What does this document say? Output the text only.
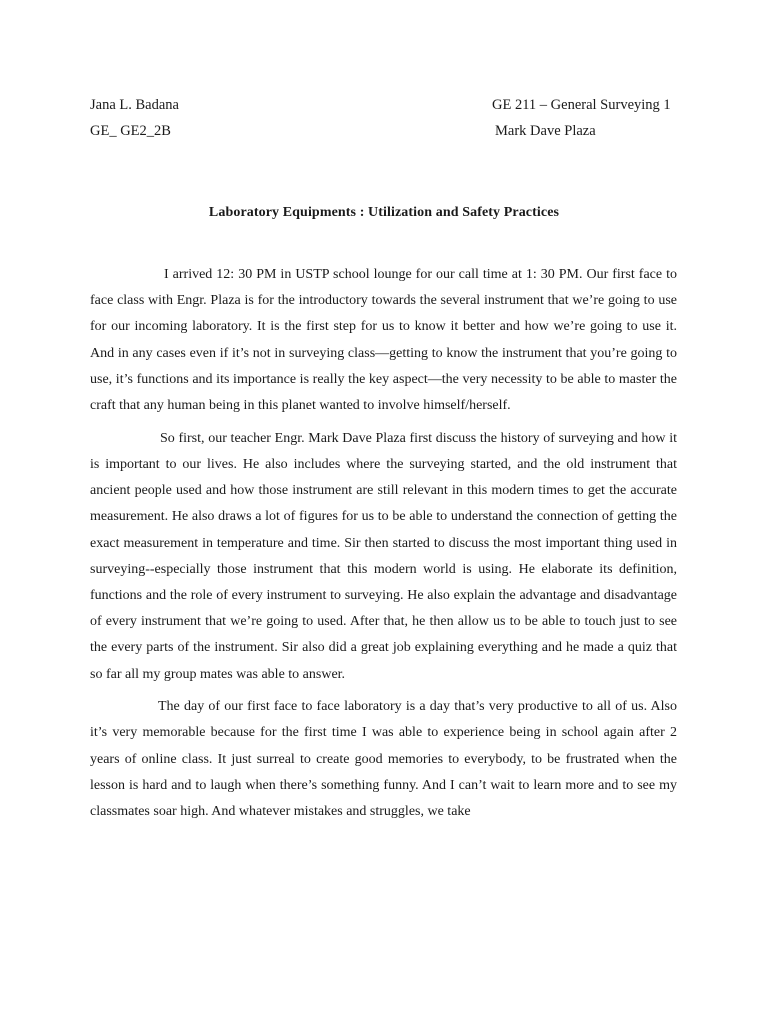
Jana L. Badana
GE_ GE2_2B
GE 211 – General Surveying 1
Mark Dave Plaza
Laboratory Equipments : Utilization and Safety Practices

I arrived 12: 30 PM in USTP school lounge for our call time at 1: 30 PM. Our first face to face class with Engr. Plaza is for the introductory towards the several instrument that we’re going to use for our incoming laboratory. It is the first step for us to know it better and how we’re going to use it. And in any cases even if it’s not in surveying class—getting to know the instrument that you’re going to use, it’s functions and its importance is really the key aspect—the very necessity to be able to master the craft that any human being in this planet wanted to involve himself/herself.

So first, our teacher Engr. Mark Dave Plaza first discuss the history of surveying and how it is important to our lives. He also includes where the surveying started, and the old instrument that ancient people used and how those instrument are still relevant in this modern times to get the accurate measurement. He also draws a lot of figures for us to be able to understand the connection of getting the exact measurement in temperature and time. Sir then started to discuss the most important thing used in surveying--especially those instrument that this modern world is using. He elaborate its definition, functions and the role of every instrument to surveying. He also explain the advantage and disadvantage of every instrument that we’re going to used. After that, he then allow us to be able to touch just to see the every parts of the instrument. Sir also did a great job explaining everything and he made a quiz that so far all my group mates was able to answer.

The day of our first face to face laboratory is a day that’s very productive to all of us. Also it’s very memorable because for the first time I was able to experience being in school again after 2 years of online class. It just surreal to create good memories to everybody, to be frustrated when the lesson is hard and to laugh when there’s something funny. And I can’t wait to learn more and to see my classmates soar high. And whatever mistakes and struggles, we take
